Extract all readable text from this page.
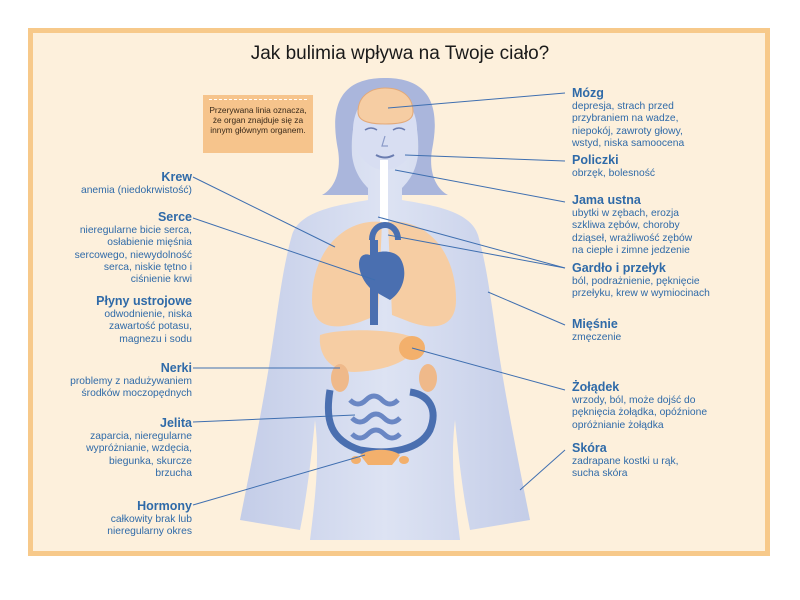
Jak bulimia wpływa na Twoje ciało?
Przerywana linia oznacza, że organ znajduje się za innym głównym organem.
Krew
anemia (niedokrwistość)
Serce
nieregularne bicie serca,
osłabienie mięśnia
sercowego, niewydolność
serca, niskie tętno i
ciśnienie krwi
Płyny ustrojowe
odwodnienie, niska
zawartość potasu,
magnezu i sodu
Nerki
problemy z nadużywaniem
środków moczopędnych
Jelita
zaparcia, nieregularne
wypróżnianie, wzdęcia,
biegunka, skurcze
brzucha
Hormony
całkowity brak lub
nieregularny okres
Mózg
depresja, strach przed
przybraniem na wadze,
niepokój, zawroty głowy,
wstyd, niska samoocena
Policzki
obrzęk, bolesność
Jama ustna
ubytki w zębach, erozja
szkliwa zębów, choroby
dziąseł, wrażliwość zębów
na ciepłe i zimne jedzenie
Gardło i przełyk
ból, podrażnienie, pęknięcie
przełyku, krew w wymiocinach
Mięśnie
zmęczenie
Żołądek
wrzody, ból, może dojść do
pęknięcia żołądka, opóźnione
opróżnianie żołądka
Skóra
zadrapane kostki u rąk,
sucha skóra
